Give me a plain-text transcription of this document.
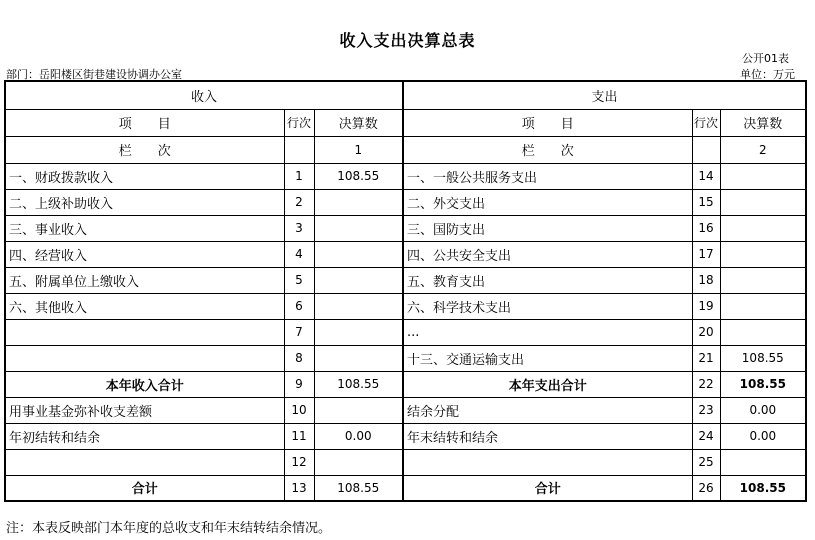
收入支出决算总表
公开01表
部门：岳阳楼区街巷建设协调办公室	单位：万元
收入			支出		
项　　目	行次	决算数	项　　目	行次	决算数
栏　　次		1	栏　　次		2
一、财政拨款收入	1	108.55	一、一般公共服务支出	14	
二、上级补助收入	2		二、外交支出	15	
三、事业收入	3		三、国防支出	16	
四、经营收入	4		四、公共安全支出	17	
五、附属单位上缴收入	5		五、教育支出	18	
六、其他收入	6		六、科学技术支出	19	
	7		...	20	
	8		十三、交通运输支出	21	108.55
本年收入合计	9	108.55	本年支出合计	22	108.55
用事业基金弥补收支差额	10		结余分配	23	0.00
年初结转和结余	11	0.00	年末结转和结余	24	0.00
	12			25	
合计	13	108.55	合计	26	108.55
注：本表反映部门本年度的总收支和年末结转结余情况。
